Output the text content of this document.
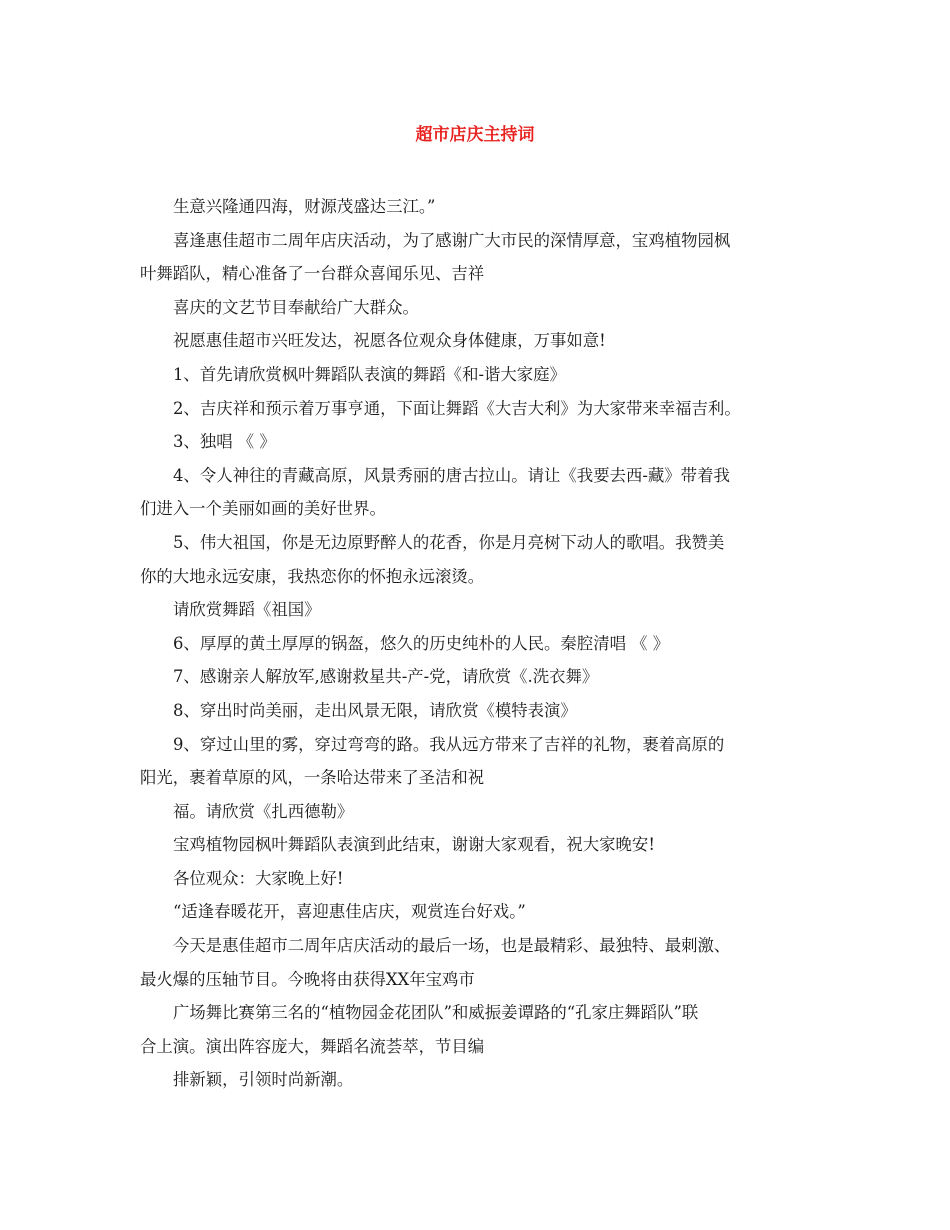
超市店庆主持词

生意兴隆通四海，财源茂盛达三江。”

喜逢惠佳超市二周年店庆活动，为了感谢广大市民的深情厚意，宝鸡植物园枫

叶舞蹈队，精心准备了一台群众喜闻乐见、吉祥

喜庆的文艺节目奉献给广大群众。

祝愿惠佳超市兴旺发达，祝愿各位观众身体健康，万事如意!

1、首先请欣赏枫叶舞蹈队表演的舞蹈《和-谐大家庭》

2、吉庆祥和预示着万事亨通，下面让舞蹈《大吉大利》为大家带来幸福吉利。

3、独唱 《 》

4、令人神往的青藏高原，风景秀丽的唐古拉山。请让《我要去西-藏》带着我

们进入一个美丽如画的美好世界。

5、伟大祖国，你是无边原野醉人的花香，你是月亮树下动人的歌唱。我赞美

你的大地永远安康，我热恋你的怀抱永远滚烫。

请欣赏舞蹈《祖国》

6、厚厚的黄土厚厚的锅盔，悠久的历史纯朴的人民。秦腔清唱 《 》

7、感谢亲人解放军,感谢救星共-产-党，请欣赏《.洗衣舞》

8、穿出时尚美丽，走出风景无限，请欣赏《模特表演》

9、穿过山里的雾，穿过弯弯的路。我从远方带来了吉祥的礼物，裹着高原的

阳光，裹着草原的风，一条哈达带来了圣洁和祝

福。请欣赏《扎西德勒》

宝鸡植物园枫叶舞蹈队表演到此结束，谢谢大家观看，祝大家晚安!

各位观众：大家晚上好!

“适逢春暖花开，喜迎惠佳店庆，观赏连台好戏。”

今天是惠佳超市二周年店庆活动的最后一场，也是最精彩、最独特、最刺激、

最火爆的压轴节目。今晚将由获得XX年宝鸡市

广场舞比赛第三名的“植物园金花团队”和威振姜谭路的“孔家庄舞蹈队”联

合上演。演出阵容庞大，舞蹈名流荟萃，节目编

排新颖，引领时尚新潮。
